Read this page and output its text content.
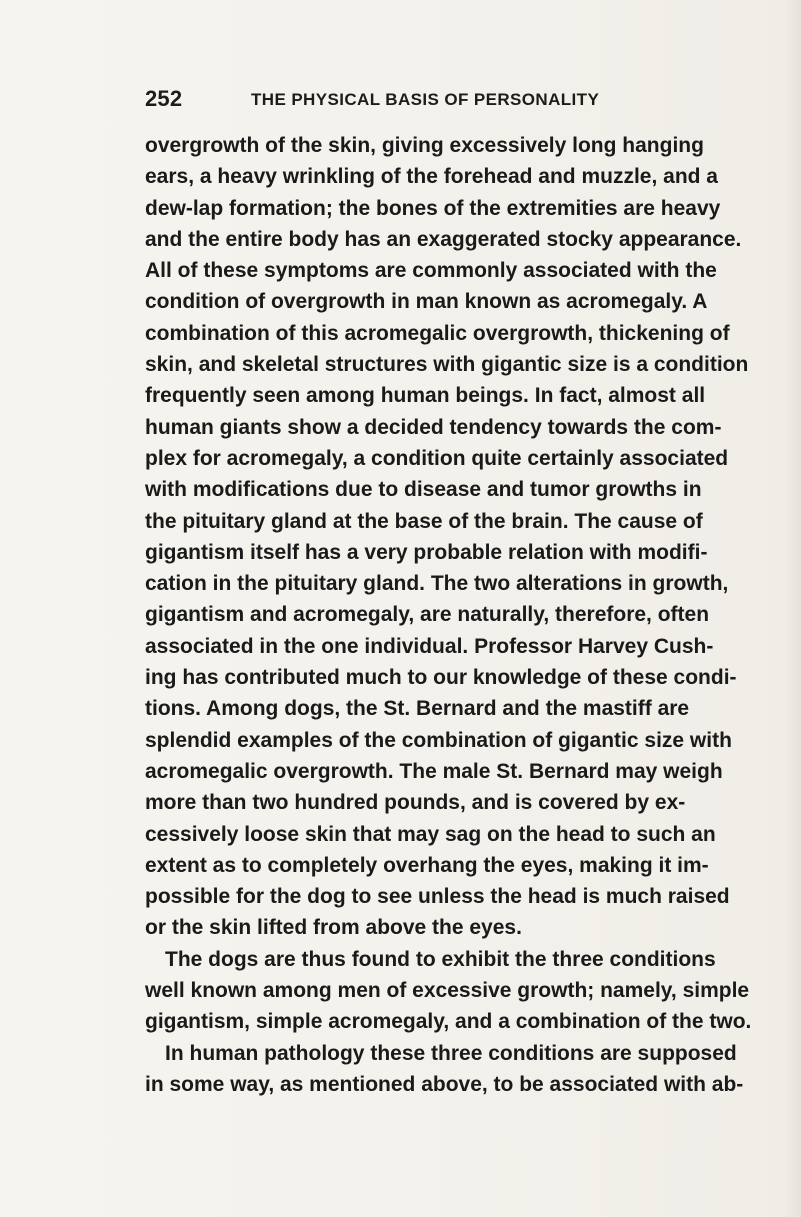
252	THE PHYSICAL BASIS OF PERSONALITY
overgrowth of the skin, giving excessively long hanging
ears, a heavy wrinkling of the forehead and muzzle, and a
dew-lap formation; the bones of the extremities are heavy
and the entire body has an exaggerated stocky appearance.
All of these symptoms are commonly associated with the
condition of overgrowth in man known as acromegaly. A
combination of this acromegalic overgrowth, thickening of
skin, and skeletal structures with gigantic size is a condition
frequently seen among human beings. In fact, almost all
human giants show a decided tendency towards the com-
plex for acromegaly, a condition quite certainly associated
with modifications due to disease and tumor growths in
the pituitary gland at the base of the brain. The cause of
gigantism itself has a very probable relation with modifi-
cation in the pituitary gland. The two alterations in growth,
gigantism and acromegaly, are naturally, therefore, often
associated in the one individual. Professor Harvey Cush-
ing has contributed much to our knowledge of these condi-
tions. Among dogs, the St. Bernard and the mastiff are
splendid examples of the combination of gigantic size with
acromegalic overgrowth. The male St. Bernard may weigh
more than two hundred pounds, and is covered by ex-
cessively loose skin that may sag on the head to such an
extent as to completely overhang the eyes, making it im-
possible for the dog to see unless the head is much raised
or the skin lifted from above the eyes.
The dogs are thus found to exhibit the three conditions
well known among men of excessive growth; namely, simple
gigantism, simple acromegaly, and a combination of the two.
In human pathology these three conditions are supposed
in some way, as mentioned above, to be associated with ab-
